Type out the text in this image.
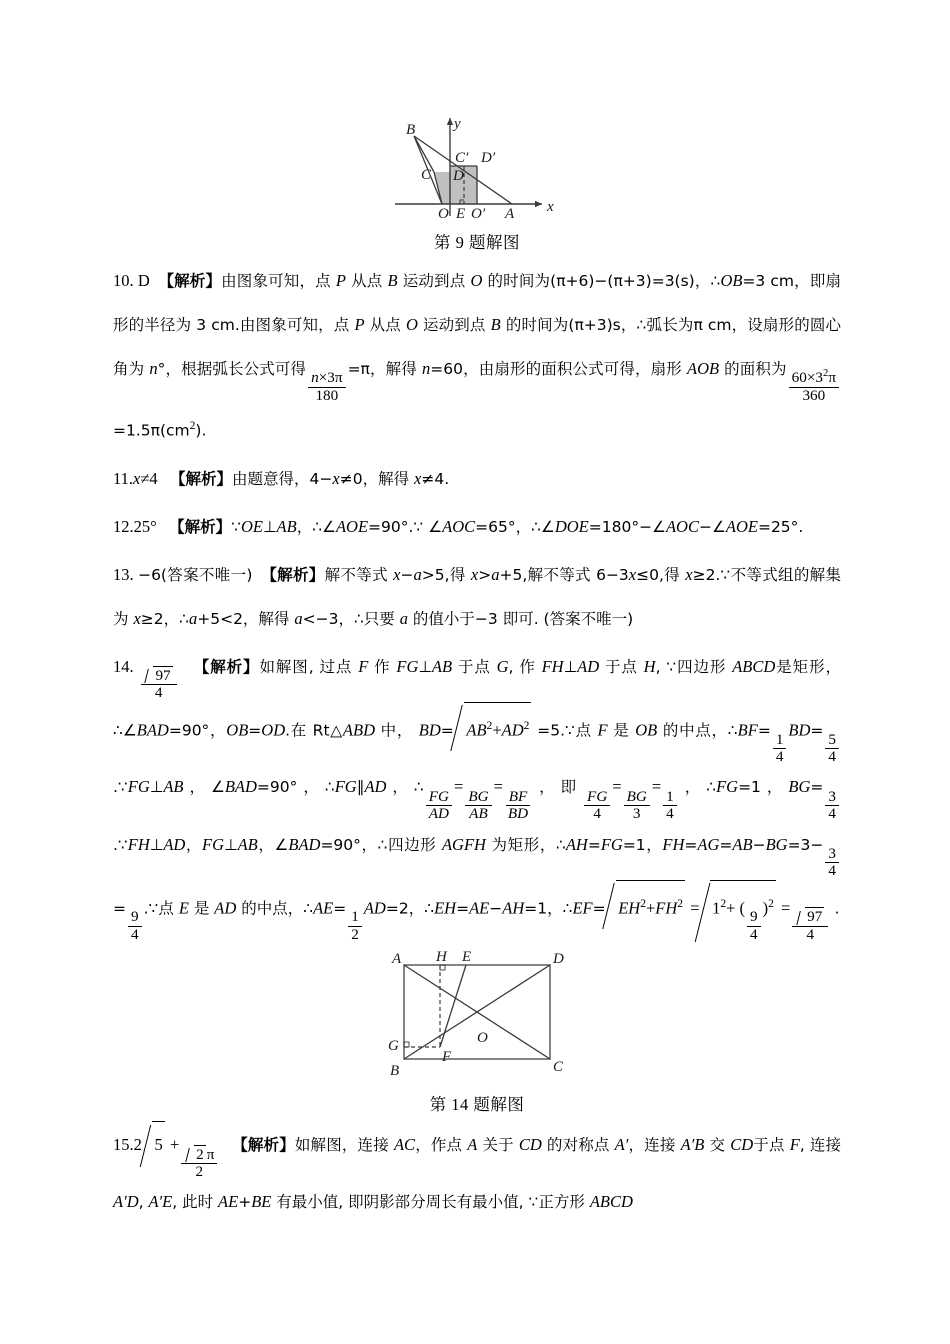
B
C D
C′ D′
O E O′ A
y
x
第 9 题解图
10. D 【解析】由图象可知，点 P 从点 B 运动到点 O 的时间为(π+6)−(π+3)=3(s)，∴OB=3 cm，即扇形的半径为 3 cm.由图象可知，点 P 从点 O 运动到点 B 的时间为(π+3)s，∴弧长为π cm，设扇形的圆心角为 n°，根据弧长公式可得
$\frac{n\times 3\pi}{180}$
=π，解得 n=60，由扇形的面积公式可得，扇形 AOB 的面积为 $\frac{60\times 3^2\pi}{360}$
$=1.5\pi(cm^2)$.
11.x≠4 【解析】由题意得，4−x≠0，解得 x≠4.
12.25° 【解析】∵OE⊥AB，∴∠AOE=90°.∵ ∠AOC=65°，∴∠DOE=180°−∠AOC−∠AOE=25°.
13. −6(答案不唯一) 【解析】解不等式 x−a>5,得 x>a+5,解不等式 6−3x≤0,得 x≥2.∵不等式组的解集为 x≥2，∴a+5<2，解得 a<−3，∴只要 a 的值小于−3 即可. (答案不唯一)
14. $\frac{97}{4}$ 【解析】如解图, 过点 F 作 FG⊥AB 于点 G, 作 FH⊥AD 于点 H, ∵四边形 ABCD是矩形，∴∠BAD=90°，OB=OD.在 Rt△ABD 中， $BD= AB^2+AD^2$ =5.∵点 F 是 OB 的中点，∴BF=
$\frac{1}{4}$
BD=
$\frac{5}{4}$
.∵FG⊥AB，∠BAD=90°，∴FG∥AD，∴
$\frac{FG}{AD}$
=
$\frac{BG}{AB}$
=
$\frac{BF}{BD}$
，即
$\frac{FG}{4}$
=
$\frac{BG}{3}$
=
$\frac{1}{4}$
，∴FG=1，BG=
$\frac{3}{4}$
.∵FH⊥AD，FG⊥AB，∠BAD=90°，∴四边形 AGFH 为矩形，∴AH=FG=1，FH=AG=AB−BG=3−
$\frac{3}{4}$
=
$\frac{9}{4}$
.∵点 E 是 AD 的中点，∴AE=
$\frac{1}{2}$
AD=2，∴EH=AE−AH=1，∴EF= $EH^2+FH^2 = 1^2+$ (
$\frac{9}{4}$
)$^2 = \frac{97}{4}$ .
A H E	D
G	O
F
B	C
第 14 题解图
15.2 $5 + \frac{2 \pi}{2}$ 【解析】如解图，连接 AC，作点 A 关于 CD 的对称点 A′，连接 A′B 交 CD于点 F, 连接 A′D, A′E, 此时 AE+BE 有最小值, 即阴影部分周长有最小值, ∵正方形 ABCD
